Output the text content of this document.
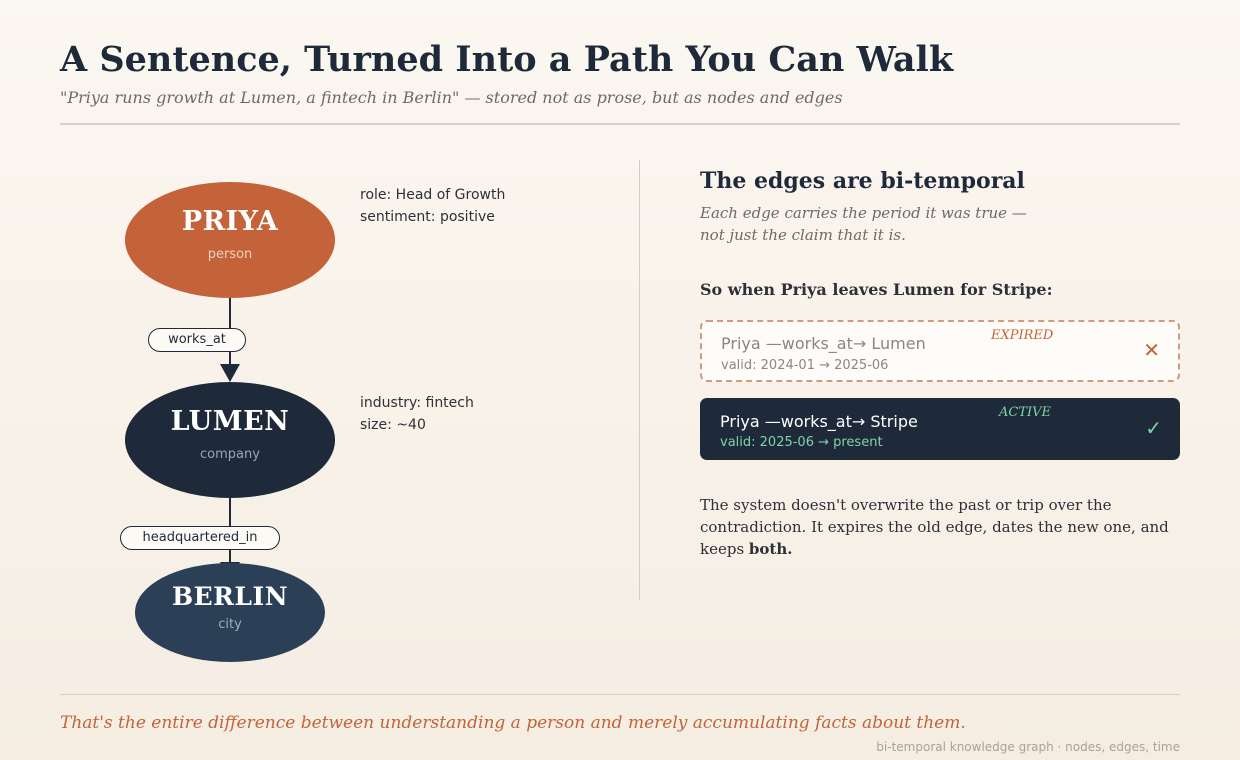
A Sentence, Turned Into a Path You Can Walk
"Priya runs growth at Lumen, a fintech in Berlin" — stored not as prose, but as nodes and edges
PRIYA
person
role: Head of Growth
sentiment: positive
works_at
LUMEN
company
industry: fintech
size: ~40
BERLIN
city
headquartered_in
The edges are bi-temporal
Each edge carries the period it was true —
not just the claim that it is.
So when Priya leaves Lumen for Stripe:
Priya —works_at→ Lumen
valid: 2024-01 → 2025-06
EXPIRED
✕
Priya —works_at→ Stripe
valid: 2025-06 → present
ACTIVE
✓
The system doesn't overwrite the past or trip over the contradiction. It expires the old edge, dates the new one, and keeps both.
That's the entire difference between understanding a person and merely accumulating facts about them.
bi-temporal knowledge graph · nodes, edges, time
